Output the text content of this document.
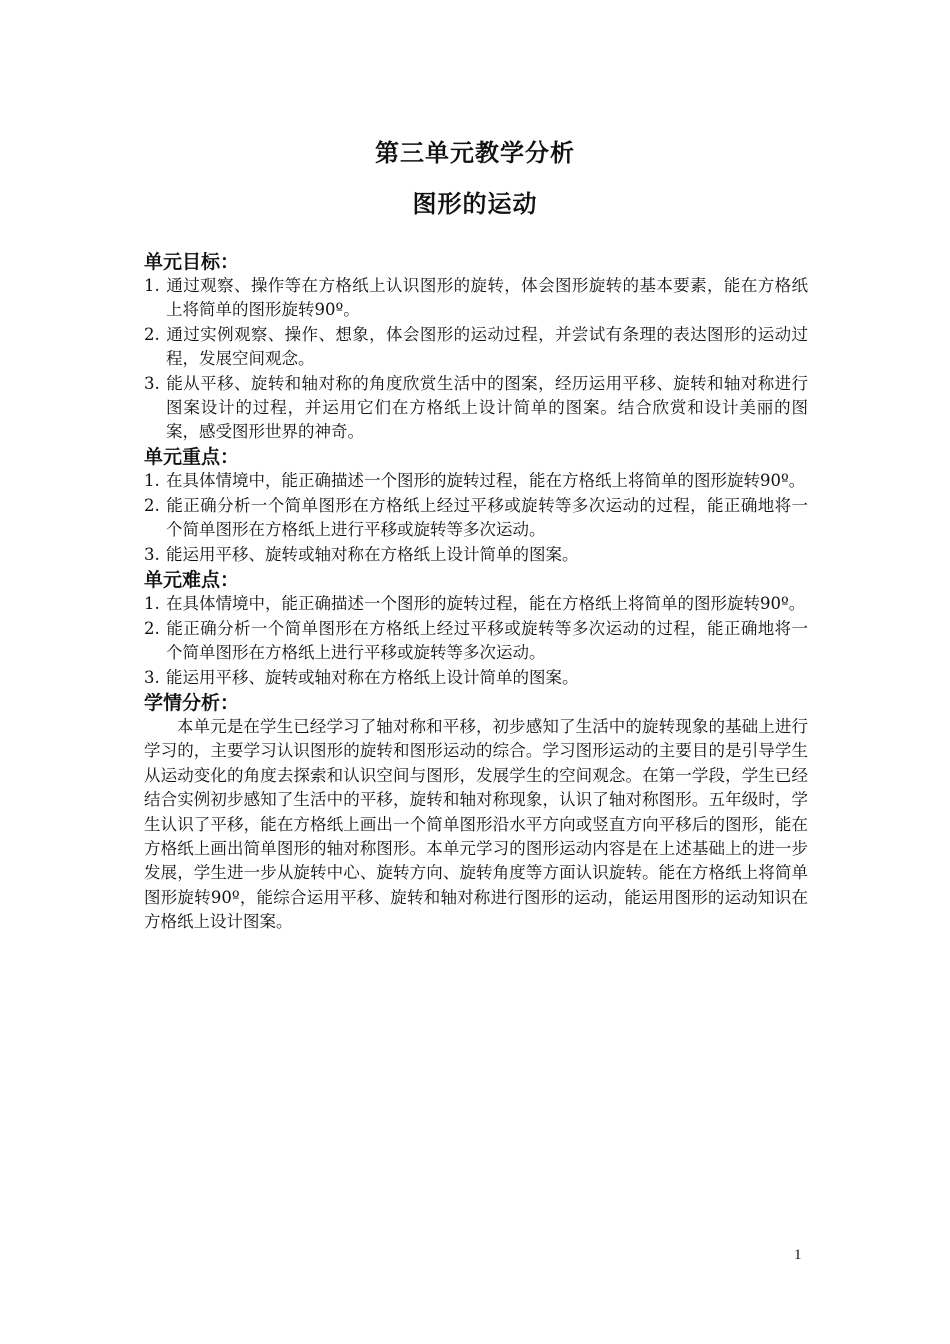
第三单元教学分析
图形的运动
单元目标：
1. 通过观察、操作等在方格纸上认识图形的旋转，体会图形旋转的基本要素，能在方格纸上将简单的图形旋转90º。
2. 通过实例观察、操作、想象，体会图形的运动过程，并尝试有条理的表达图形的运动过程，发展空间观念。
3. 能从平移、旋转和轴对称的角度欣赏生活中的图案，经历运用平移、旋转和轴对称进行图案设计的过程，并运用它们在方格纸上设计简单的图案。结合欣赏和设计美丽的图案，感受图形世界的神奇。
单元重点：
1. 在具体情境中，能正确描述一个图形的旋转过程，能在方格纸上将简单的图形旋转90º。
2. 能正确分析一个简单图形在方格纸上经过平移或旋转等多次运动的过程，能正确地将一个简单图形在方格纸上进行平移或旋转等多次运动。
3. 能运用平移、旋转或轴对称在方格纸上设计简单的图案。
单元难点：
1. 在具体情境中，能正确描述一个图形的旋转过程，能在方格纸上将简单的图形旋转90º。
2. 能正确分析一个简单图形在方格纸上经过平移或旋转等多次运动的过程，能正确地将一个简单图形在方格纸上进行平移或旋转等多次运动。
3. 能运用平移、旋转或轴对称在方格纸上设计简单的图案。
学情分析：

本单元是在学生已经学习了轴对称和平移，初步感知了生活中的旋转现象的基础上进行学习的，主要学习认识图形的旋转和图形运动的综合。学习图形运动的主要目的是引导学生从运动变化的角度去探索和认识空间与图形，发展学生的空间观念。在第一学段，学生已经结合实例初步感知了生活中的平移，旋转和轴对称现象，认识了轴对称图形。五年级时，学生认识了平移，能在方格纸上画出一个简单图形沿水平方向或竖直方向平移后的图形，能在方格纸上画出简单图形的轴对称图形。本单元学习的图形运动内容是在上述基础上的进一步发展，学生进一步从旋转中心、旋转方向、旋转角度等方面认识旋转。能在方格纸上将简单图形旋转90º，能综合运用平移、旋转和轴对称进行图形的运动，能运用图形的运动知识在方格纸上设计图案。

1
